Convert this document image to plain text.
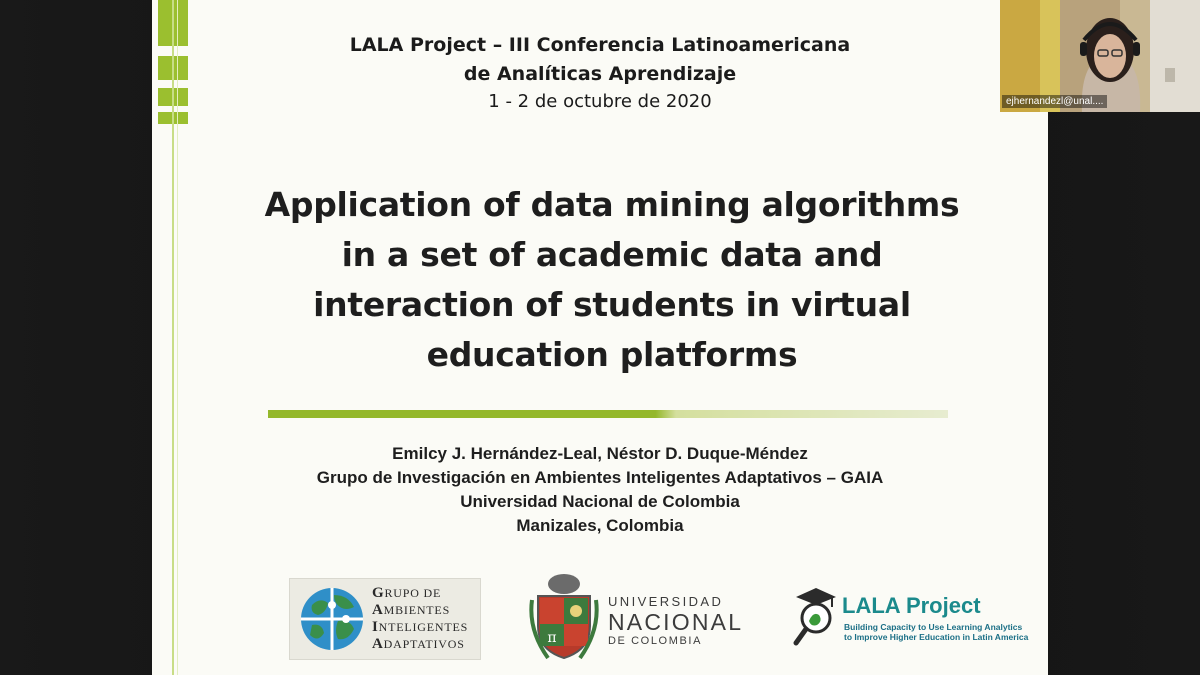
LALA Project – III Conferencia Latinoamericana
de Analíticas Aprendizaje
1 - 2 de octubre de 2020
Application of data mining algorithms
in a set of academic data and
interaction of students in virtual
education platforms
Emilcy J. Hernández-Leal, Néstor D. Duque-Méndez
Grupo de Investigación en Ambientes Inteligentes Adaptativos – GAIA
Universidad Nacional de Colombia
Manizales, Colombia
GRUPO DE
AMBIENTES
INTELIGENTES
ADAPTATIVOS	π
UNIVERSIDAD
NACIONAL
DE COLOMBIA
LALA Project
Building Capacity to Use Learning Analytics
to Improve Higher Education in Latin America
ejhernandezl@unal....
